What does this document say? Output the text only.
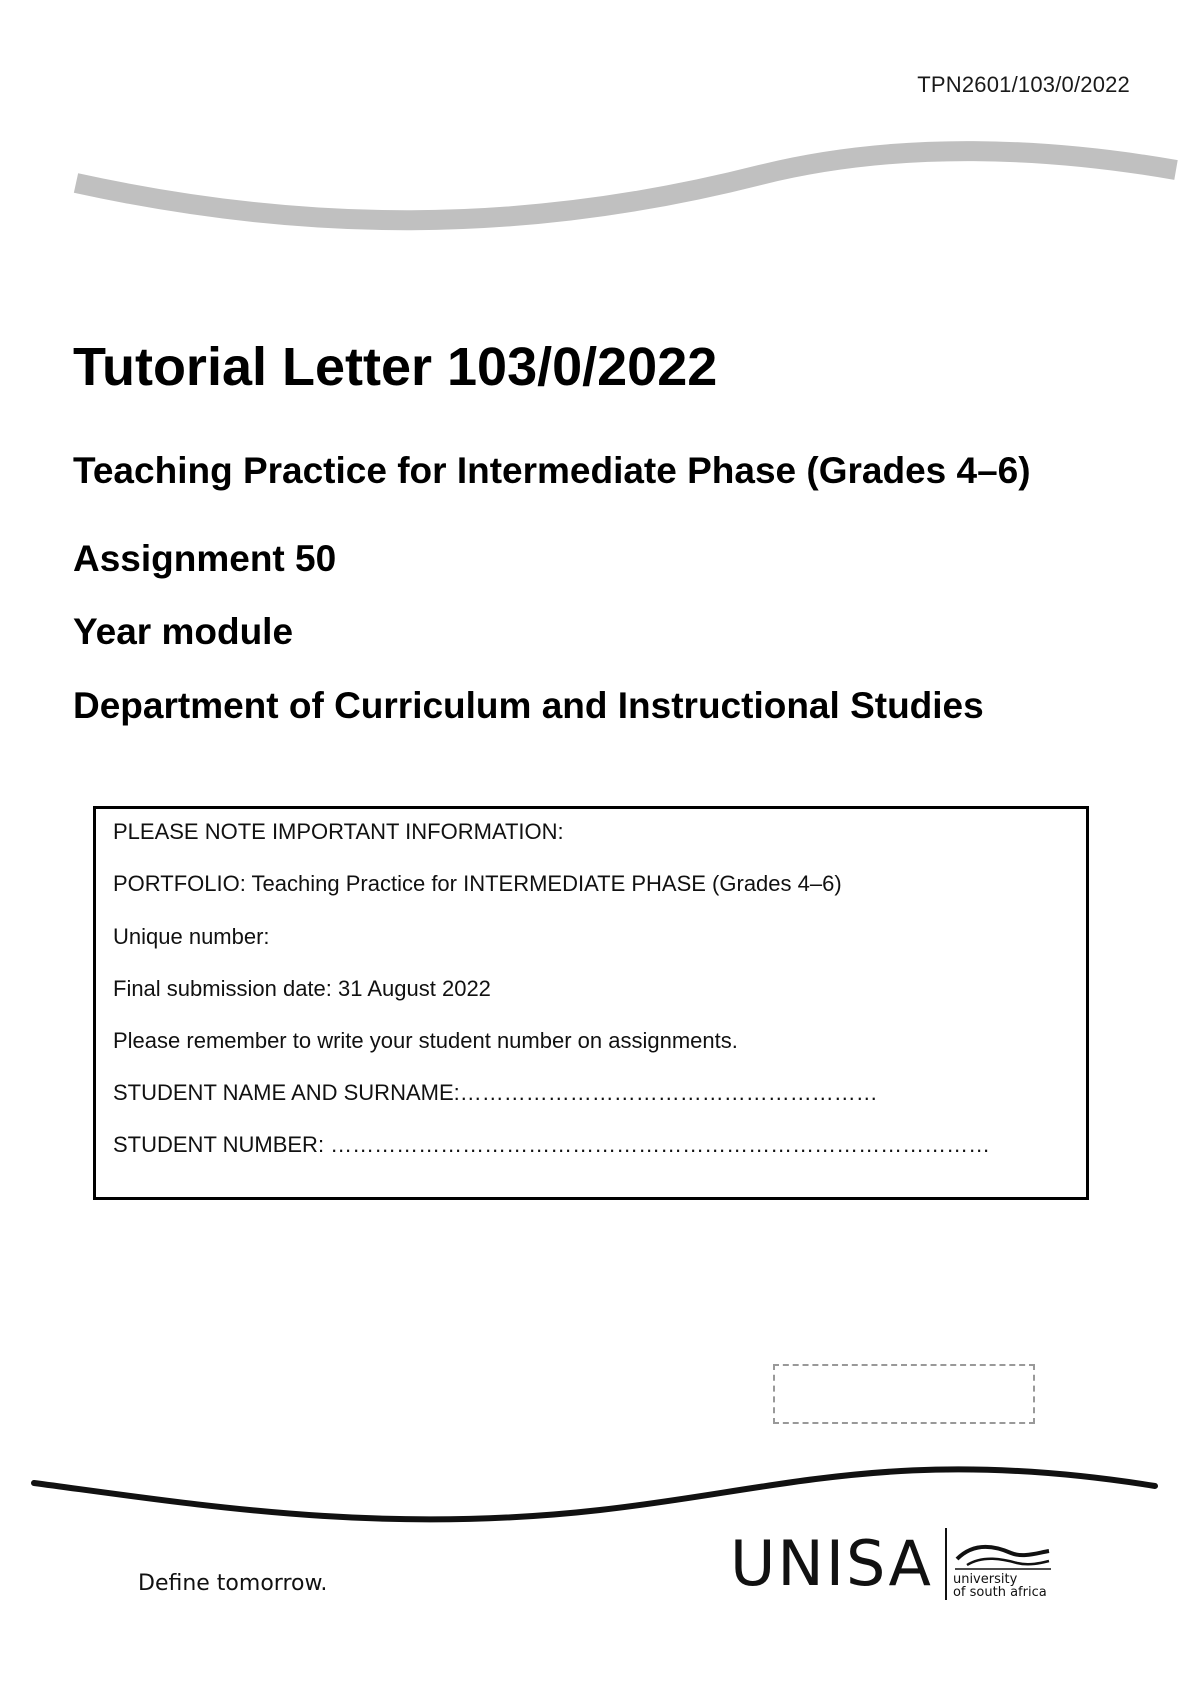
TPN2601/103/0/2022
Tutorial Letter 103/0/2022
Teaching Practice for Intermediate Phase (Grades 4–6)
Assignment 50
Year module
Department of Curriculum and Instructional Studies

PLEASE NOTE IMPORTANT INFORMATION:

PORTFOLIO: Teaching Practice for INTERMEDIATE PHASE (Grades 4–6)

Unique number:

Final submission date: 31 August 2022

Please remember to write your student number on assignments.

STUDENT NAME AND SURNAME:…………………………………………………

STUDENT NUMBER: ………………………………………………………………………………

Define tomorrow.	UNISA university
of south africa
